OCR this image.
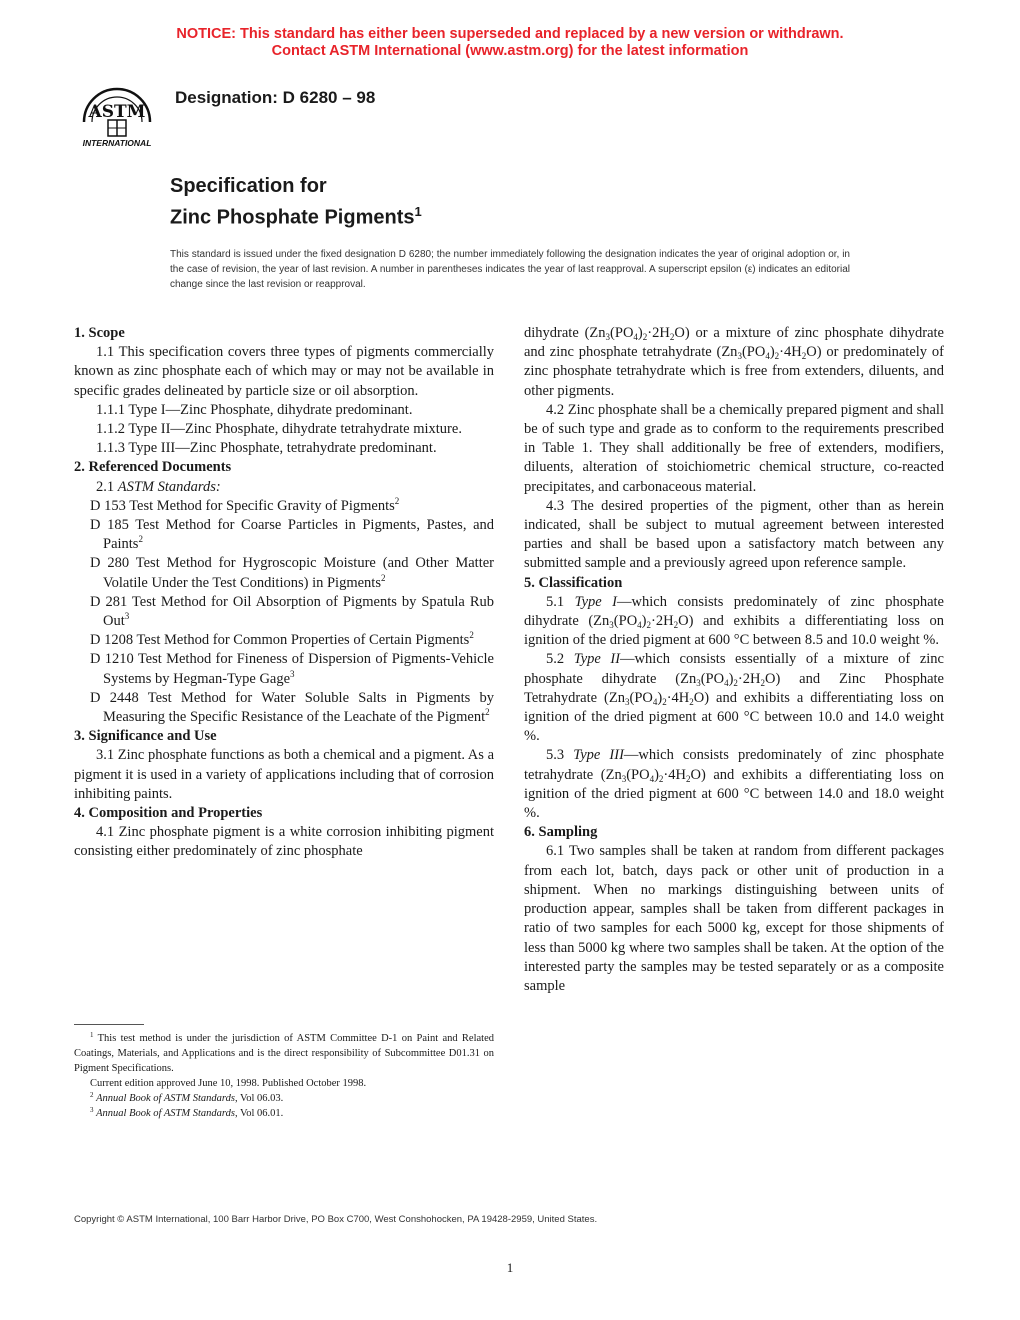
NOTICE: This standard has either been superseded and replaced by a new version or withdrawn.
Contact ASTM International (www.astm.org) for the latest information
ASTM
INTERNATIONAL
Designation: D 6280 – 98
Specification for
Zinc Phosphate Pigments$^1$
This standard is issued under the fixed designation D 6280; the number immediately following the designation indicates the year of original adoption or, in the case of revision, the year of last revision. A number in parentheses indicates the year of last reapproval. A superscript epsilon (ε) indicates an editorial change since the last revision or reapproval.

1. Scope

1.1 This specification covers three types of pigments commercially known as zinc phosphate each of which may or may not be available in specific grades delineated by particle size or oil absorption.

1.1.1 Type I—Zinc Phosphate, dihydrate predominant.

1.1.2 Type II—Zinc Phosphate, dihydrate tetrahydrate mixture.

1.1.3 Type III—Zinc Phosphate, tetrahydrate predominant.

2. Referenced Documents

2.1 ASTM Standards:

D 153 Test Method for Specific Gravity of Pigments$^2$

D 185 Test Method for Coarse Particles in Pigments, Pastes, and Paints$^2$

D 280 Test Method for Hygroscopic Moisture (and Other Matter Volatile Under the Test Conditions) in Pigments$^2$

D 281 Test Method for Oil Absorption of Pigments by Spatula Rub Out$^3$

D 1208 Test Method for Common Properties of Certain Pigments$^2$

D 1210 Test Method for Fineness of Dispersion of Pigments-Vehicle Systems by Hegman-Type Gage$^3$

D 2448 Test Method for Water Soluble Salts in Pigments by Measuring the Specific Resistance of the Leachate of the Pigment$^2$

3. Significance and Use

3.1 Zinc phosphate functions as both a chemical and a pigment. As a pigment it is used in a variety of applications including that of corrosion inhibiting paints.

4. Composition and Properties

4.1 Zinc phosphate pigment is a white corrosion inhibiting pigment consisting either predominately of zinc phosphate

dihydrate $(Zn_3(PO_4)_2\cdot 2H_2O)$ or a mixture of zinc phosphate dihydrate and zinc phosphate tetrahydrate $(Zn_3(PO_4)_2\cdot 4H_2O)$ or predominately of zinc phosphate tetrahydrate which is free from extenders, diluents, and other pigments.

4.2 Zinc phosphate shall be a chemically prepared pigment and shall be of such type and grade as to conform to the requirements prescribed in Table 1. They shall additionally be free of extenders, modifiers, diluents, alteration of stoichiometric chemical structure, co-reacted precipitates, and carbonaceous material.

4.3 The desired properties of the pigment, other than as herein indicated, shall be subject to mutual agreement between interested parties and shall be based upon a satisfactory match between any submitted sample and a previously agreed upon reference sample.

5. Classification

5.1 Type I—which consists predominately of zinc phosphate dihydrate $(Zn_3(PO_4)_2\cdot 2H_2O)$ and exhibits a differentiating loss on ignition of the dried pigment at 600 °C between 8.5 and 10.0 weight %.

5.2 Type II—which consists essentially of a mixture of zinc phosphate dihydrate $(Zn_3(PO_4)_2\cdot 2H_2O)$ and Zinc Phosphate Tetrahydrate $(Zn_3(PO_4)_2\cdot 4H_2O)$ and exhibits a differentiating loss on ignition of the dried pigment at 600 °C between 10.0 and 14.0 weight %.

5.3 Type III—which consists predominately of zinc phosphate tetrahydrate $(Zn_3(PO_4)_2\cdot 4H_2O)$ and exhibits a differentiating loss on ignition of the dried pigment at 600 °C between 14.0 and 18.0 weight %.

6. Sampling

6.1 Two samples shall be taken at random from different packages from each lot, batch, days pack or other unit of production in a shipment. When no markings distinguishing between units of production appear, samples shall be taken from different packages in ratio of two samples for each 5000 kg, except for those shipments of less than 5000 kg where two samples shall be taken. At the option of the interested party the samples may be tested separately or as a composite sample

$^1$ This test method is under the jurisdiction of ASTM Committee D-1 on Paint and Related Coatings, Materials, and Applications and is the direct responsibility of Subcommittee D01.31 on Pigment Specifications.

Current edition approved June 10, 1998. Published October 1998.

$^2$ Annual Book of ASTM Standards, Vol 06.03.

$^3$ Annual Book of ASTM Standards, Vol 06.01.

Copyright © ASTM International, 100 Barr Harbor Drive, PO Box C700, West Conshohocken, PA 19428-2959, United States.
1
